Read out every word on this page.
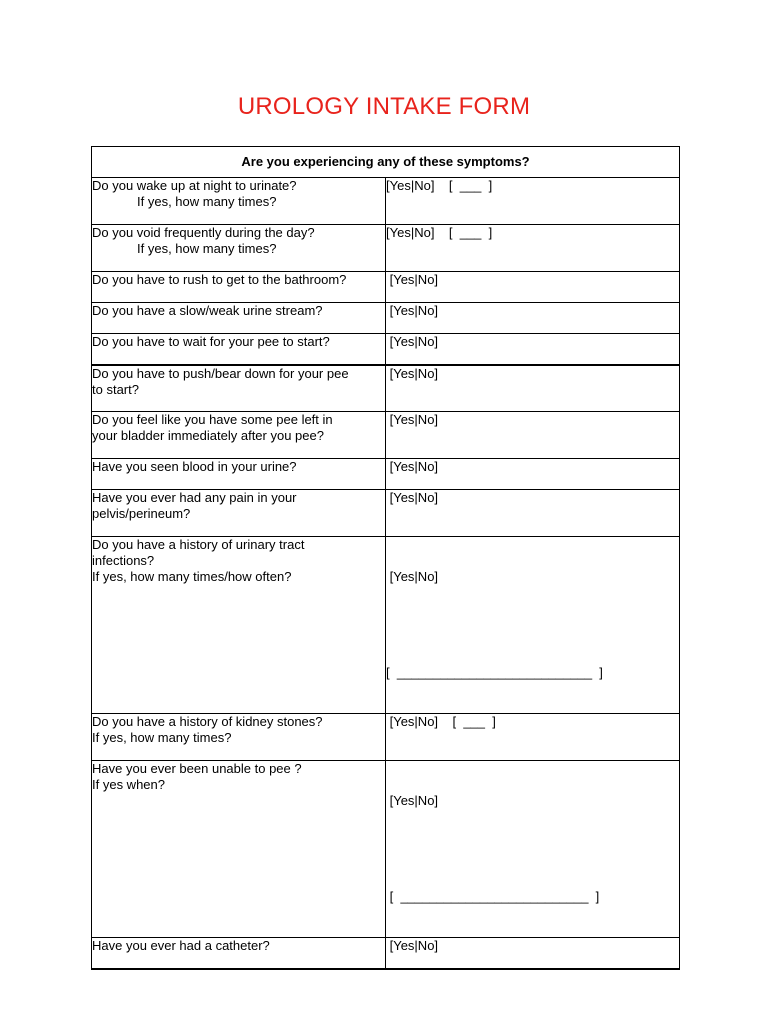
UROLOGY INTAKE FORM
Are you experiencing any of these symptoms?	

Do you wake up at night to urinate?
If yes, how many times?	[Yes|No]    [  ___  ]

Do you void frequently during the day?
If yes, how many times?	[Yes|No]    [  ___  ]
Do you have to rush to get to the bathroom?	[Yes|No]
Do you have a slow/weak urine stream?	[Yes|No]
Do you have to wait for your pee to start?	[Yes|No]

Do you have to push/bear down for your pee
to start?	[Yes|No]

Do you feel like you have some pee left in
your bladder immediately after you pee?	[Yes|No]
Have you seen blood in your urine?	[Yes|No]

Have you ever had any pain in your
pelvis/perineum?	[Yes|No]

Do you have a history of urinary tract
infections?
If yes, how many times/how often?	[Yes|No]

[  ___________________________  ]

Do you have a history of kidney stones?
If yes, how many times?	[Yes|No]    [  ___  ]

Have you ever been unable to pee ?
If yes when?	[Yes|No]

[  __________________________  ]

Have you ever had a catheter?	[Yes|No]
